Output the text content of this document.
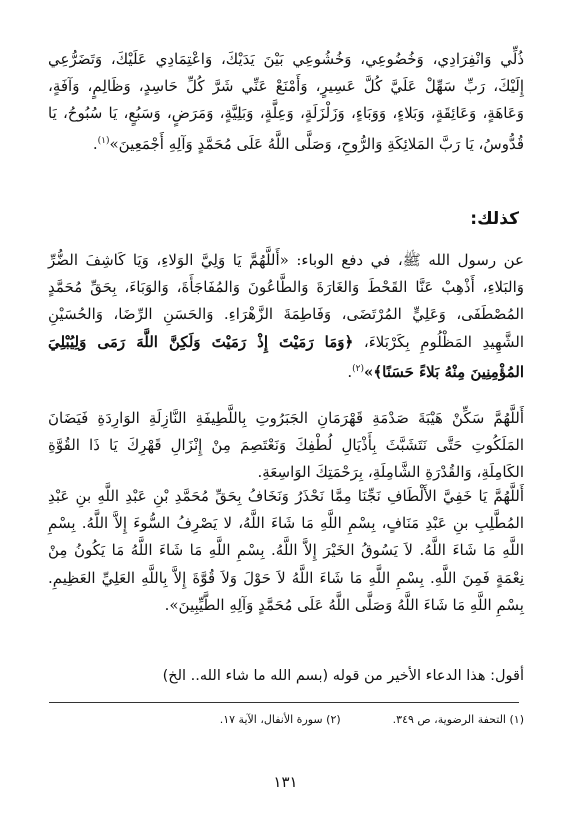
ذُلِّي وَانْفِرَادِي، وَخُضُوعِي، وَخُشُوعِي بَيْنَ يَدَيْكَ، وَاعْتِمَادِي عَلَيْكَ، وَتَضَرُّعِي إِلَيْكَ، رَبِّ سَهِّلْ عَلَيَّ كُلَّ عَسِيرٍ، وَأَمْنَعْ عَنِّي شَرَّ كُلِّ حَاسِدٍ، وَظَالِمٍ، وَآفَةٍ، وَعَاهَةٍ، وَعَائِقَةٍ، وَبَلاءٍ، وَوَبَاءٍ، وَزَلْزَلَةٍ، وَعِلَّةٍ، وَبَلِيَّةٍ، وَمَرَضٍ، وَسَبُعٍ، يَا سُبُوحُ، يَا قُدُّوسُ، يَا رَبَّ المَلائِكَةِ وَالرُّوحِ، وَصَلَّى اللَّهُ عَلَى مُحَمَّدٍ وَآلِهِ أَجْمَعِينَ»$^{(١)}$.
كذلك:
عن رسول الله ﷺ، في دفع الوباء: «أَللَّهُمَّ يَا وَلِيَّ الوَلاءِ، وَيَا كَاشِفَ الضُّرِّ وَالبَلاءِ، أَذْهِبْ عَنَّا القَحْطَ وَالغَارَةَ وَالطَّاعُونَ وَالمُفَاجَأَةَ، وَالوَبَاءَ، بِحَقِّ مُحَمَّدٍ المُصْطَفَى، وَعَلِيٍّ المُرْتَضَى، وَفَاطِمَةَ الزَّهْرَاءِ. وَالحَسَنِ الرِّضَا، وَالحُسَيْنِ الشَّهِيدِ المَظْلُومِ بِكَرْبَلاءَ، ﴿وَمَا رَمَيْتَ إِذْ رَمَيْتَ وَلَكِنَّ اللَّهَ رَمَى وَلِيُبْلِيَ المُؤْمِنِينَ مِنْهُ بَلاءً حَسَنًا﴾»$^{(٢)}$.
أَللَّهُمَّ سَكِّنْ هَيْبَةَ صَدْمَةِ قَهْرَمَانِ الجَبَرُوتِ بِاللَّطِيفَةِ النَّازِلَةِ الوَارِدَةِ فَيَضَانَ المَلَكُوتِ حَتَّى نَتَشَبَّثَ بِأَذْيَالِ لُطْفِكَ وَنَعْتَصِمَ مِنْ إِنْزَالِ قَهْرِكَ يَا ذَا القُوَّةِ الكَامِلَةِ، وَالقُدْرَةِ الشَّامِلَةِ، بِرَحْمَتِكَ الوَاسِعَةِ.
أَللَّهُمَّ يَا خَفِيَّ الأَلْطَافِ نَجِّنَا مِمَّا نَحْذَرُ وَنَخَافُ بِحَقِّ مُحَمَّدِ بْنِ عَبْدِ اللَّهِ بنِ عَبْدِ المُطَّلِبِ بنِ عَبْدِ مَنَافٍ، بِسْمِ اللَّهِ مَا شَاءَ اللَّهُ، لا يَصْرِفُ السُّوءَ إِلاَّ اللَّهُ. بِسْمِ اللَّهِ مَا شَاءَ اللَّهُ. لاَ يَسُوقُ الخَيْرَ إِلاَّ اللَّهُ. بِسْمِ اللَّهِ مَا شَاءَ اللَّهُ مَا يَكُونُ مِنْ نِعْمَةٍ فَمِنَ اللَّهِ. بِسْمِ اللَّهِ مَا شَاءَ اللَّهُ لاَ حَوْلَ وَلاَ قُوَّةَ إِلاَّ بِاللَّهِ العَلِيِّ العَظِيمِ. بِسْمِ اللَّهِ مَا شَاءَ اللَّهُ وَصَلَّى اللَّهُ عَلَى مُحَمَّدٍ وَآلِهِ الطَّيِّبِينَ».
أقول: هذا الدعاء الأخير من قوله (بسم الله ما شاء الله.. الخ)
(١) التحفة الرضوية، ص ٣٤٩.
(٢) سورة الأنفال، الآية ١٧.
١٣١
